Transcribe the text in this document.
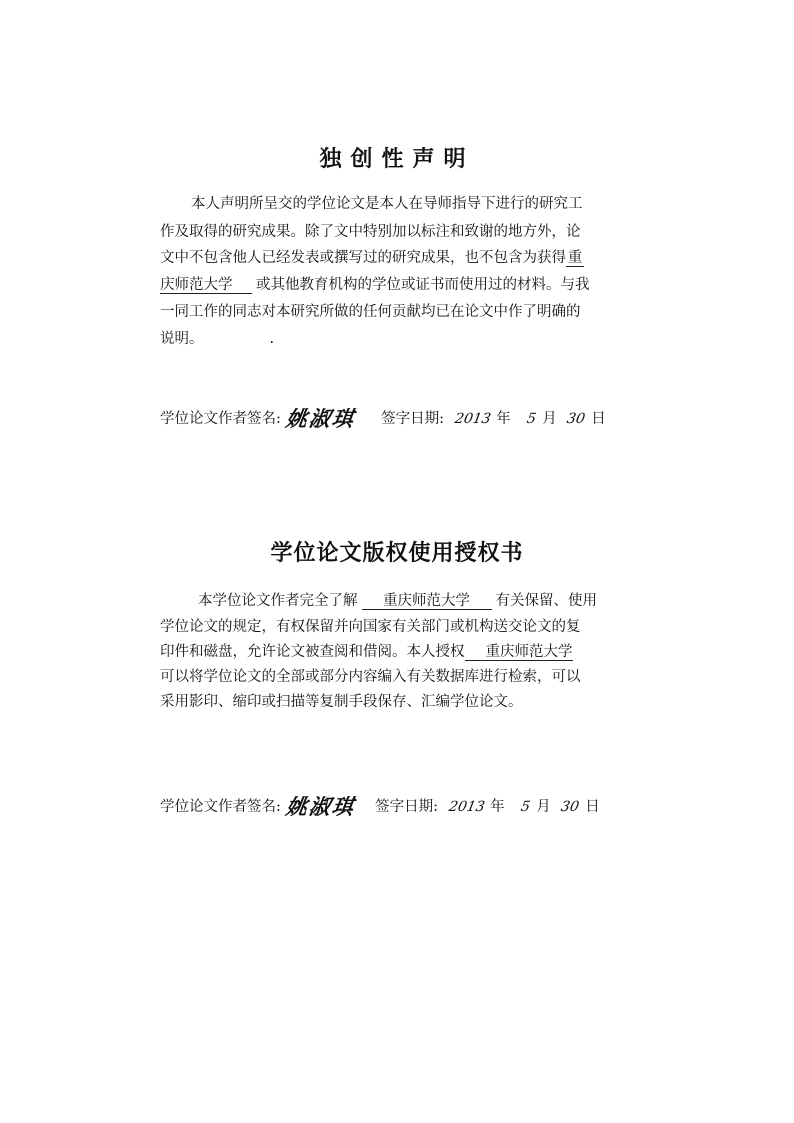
独创性声明
本人声明所呈交的学位论文是本人在导师指导下进行的研究工
作及取得的研究成果。除了文中特别加以标注和致谢的地方外，论
文中不包含他人已经发表或撰写过的研究成果，也不包含为获得 重
庆师范大学 或其他教育机构的学位或证书而使用过的材料。与我
一同工作的同志对本研究所做的任何贡献均已在论文中作了明确的
说明。	.
学位论文作者签名: 姚淑琪 签字日期: 2013 年 5 月 30 日
学位论文版权使用授权书
本学位论文作者完全了解 重庆师范大学 有关保留、使用
学位论文的规定，有权保留并向国家有关部门或机构送交论文的复
印件和磁盘，允许论文被查阅和借阅。本人授权 重庆师范大学
可以将学位论文的全部或部分内容编入有关数据库进行检索，可以
采用影印、缩印或扫描等复制手段保存、汇编学位论文。
学位论文作者签名: 姚淑琪 签字日期: 2013 年 5 月 30 日
